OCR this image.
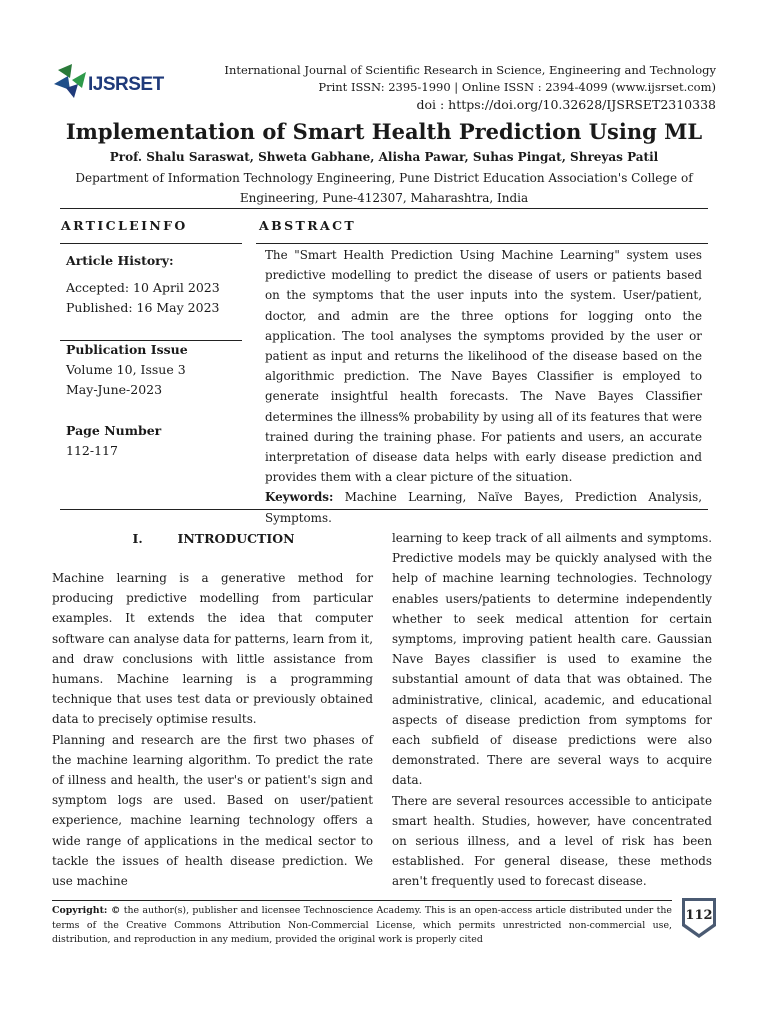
IJSRSET
International Journal of Scientific Research in Science, Engineering and Technology
Print ISSN: 2395-1990 | Online ISSN : 2394-4099 (www.ijsrset.com)
doi : https://doi.org/10.32628/IJSRSET2310338
Implementation of Smart Health Prediction Using ML
Prof. Shalu Saraswat, Shweta Gabhane, Alisha Pawar, Suhas Pingat, Shreyas Patil
Department of Information Technology Engineering, Pune District Education Association's College of Engineering, Pune-412307, Maharashtra, India
ARTICLEINFO	ABSTRACT
Article History:
Accepted: 10 April 2023
Published: 16 May 2023
Publication Issue
Volume 10, Issue 3
May-June-2023
Page Number
112-117
The "Smart Health Prediction Using Machine Learning" system uses predictive modelling to predict the disease of users or patients based on the symptoms that the user inputs into the system. User/patient, doctor, and admin are the three options for logging onto the application. The tool analyses the symptoms provided by the user or patient as input and returns the likelihood of the disease based on the algorithmic prediction. The Nave Bayes Classifier is employed to generate insightful health forecasts. The Nave Bayes Classifier determines the illness% probability by using all of its features that were trained during the training phase. For patients and users, an accurate interpretation of disease data helps with early disease prediction and provides them with a clear picture of the situation.
Keywords: Machine Learning, Naïve Bayes, Prediction Analysis, Symptoms.
I.        INTRODUCTION

Machine learning is a generative method for producing predictive modelling from particular examples. It extends the idea that computer software can analyse data for patterns, learn from it, and draw conclusions with little assistance from humans. Machine learning is a programming technique that uses test data or previously obtained data to precisely optimise results.

Planning and research are the first two phases of the machine learning algorithm. To predict the rate of illness and health, the user's or patient's sign and symptom logs are used. Based on user/patient experience, machine learning technology offers a wide range of applications in the medical sector to tackle the issues of health disease prediction. We use machine

learning to keep track of all ailments and symptoms. Predictive models may be quickly analysed with the help of machine learning technologies. Technology enables users/patients to determine independently whether to seek medical attention for certain symptoms, improving patient health care. Gaussian Nave Bayes classifier is used to examine the substantial amount of data that was obtained. The administrative, clinical, academic, and educational aspects of disease prediction from symptoms for each subfield of disease predictions were also demonstrated. There are several ways to acquire data.

There are several resources accessible to anticipate smart health. Studies, however, have concentrated on serious illness, and a level of risk has been established. For general disease, these methods aren't frequently used to forecast disease.

Copyright: © the author(s), publisher and licensee Technoscience Academy. This is an open-access article distributed under the terms of the Creative Commons Attribution Non-Commercial License, which permits unrestricted non-commercial use, distribution, and reproduction in any medium, provided the original work is properly cited
112
